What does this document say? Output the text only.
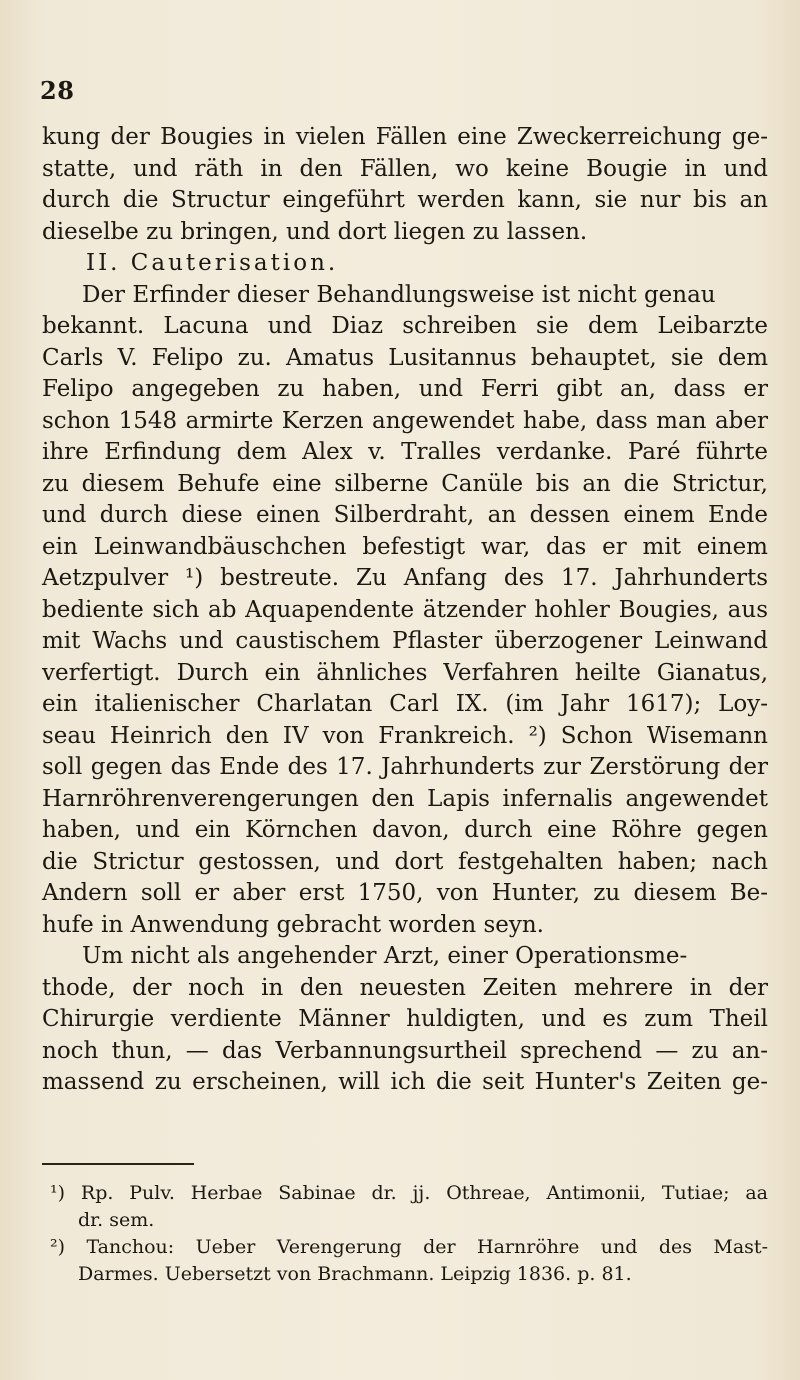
28
kung der Bougies in vielen Fällen eine Zweckerreichung ge-
statte, und räth in den Fällen, wo keine Bougie in und
durch die Structur eingeführt werden kann, sie nur bis an
dieselbe zu bringen, und dort liegen zu lassen.
II. Cauterisation.
Der Erfinder dieser Behandlungsweise ist nicht genau
bekannt. Lacuna und Diaz schreiben sie dem Leibarzte
Carls V. Felipo zu. Amatus Lusitannus behauptet, sie dem
Felipo angegeben zu haben, und Ferri gibt an, dass er
schon 1548 armirte Kerzen angewendet habe, dass man aber
ihre Erfindung dem Alex v. Tralles verdanke. Paré führte
zu diesem Behufe eine silberne Canüle bis an die Strictur,
und durch diese einen Silberdraht, an dessen einem Ende
ein Leinwandbäuschchen befestigt war, das er mit einem
Aetzpulver ¹) bestreute. Zu Anfang des 17. Jahrhunderts
bediente sich ab Aquapendente ätzender hohler Bougies, aus
mit Wachs und caustischem Pflaster überzogener Leinwand
verfertigt. Durch ein ähnliches Verfahren heilte Gianatus,
ein italienischer Charlatan Carl IX. (im Jahr 1617); Loy-
seau Heinrich den IV von Frankreich. ²) Schon Wisemann
soll gegen das Ende des 17. Jahrhunderts zur Zerstörung der
Harnröhrenverengerungen den Lapis infernalis angewendet
haben, und ein Körnchen davon, durch eine Röhre gegen
die Strictur gestossen, und dort festgehalten haben; nach
Andern soll er aber erst 1750, von Hunter, zu diesem Be-
hufe in Anwendung gebracht worden seyn.
Um nicht als angehender Arzt, einer Operationsme-
thode, der noch in den neuesten Zeiten mehrere in der
Chirurgie verdiente Männer huldigten, und es zum Theil
noch thun, — das Verbannungsurtheil sprechend — zu an-
massend zu erscheinen, will ich die seit Hunter's Zeiten ge-
¹) Rp. Pulv. Herbae Sabinae dr. jj. Othreae, Antimonii, Tutiae; aa
dr. sem.
²) Tanchou: Ueber Verengerung der Harnröhre und des Mast-
Darmes. Uebersetzt von Brachmann. Leipzig 1836. p. 81.
